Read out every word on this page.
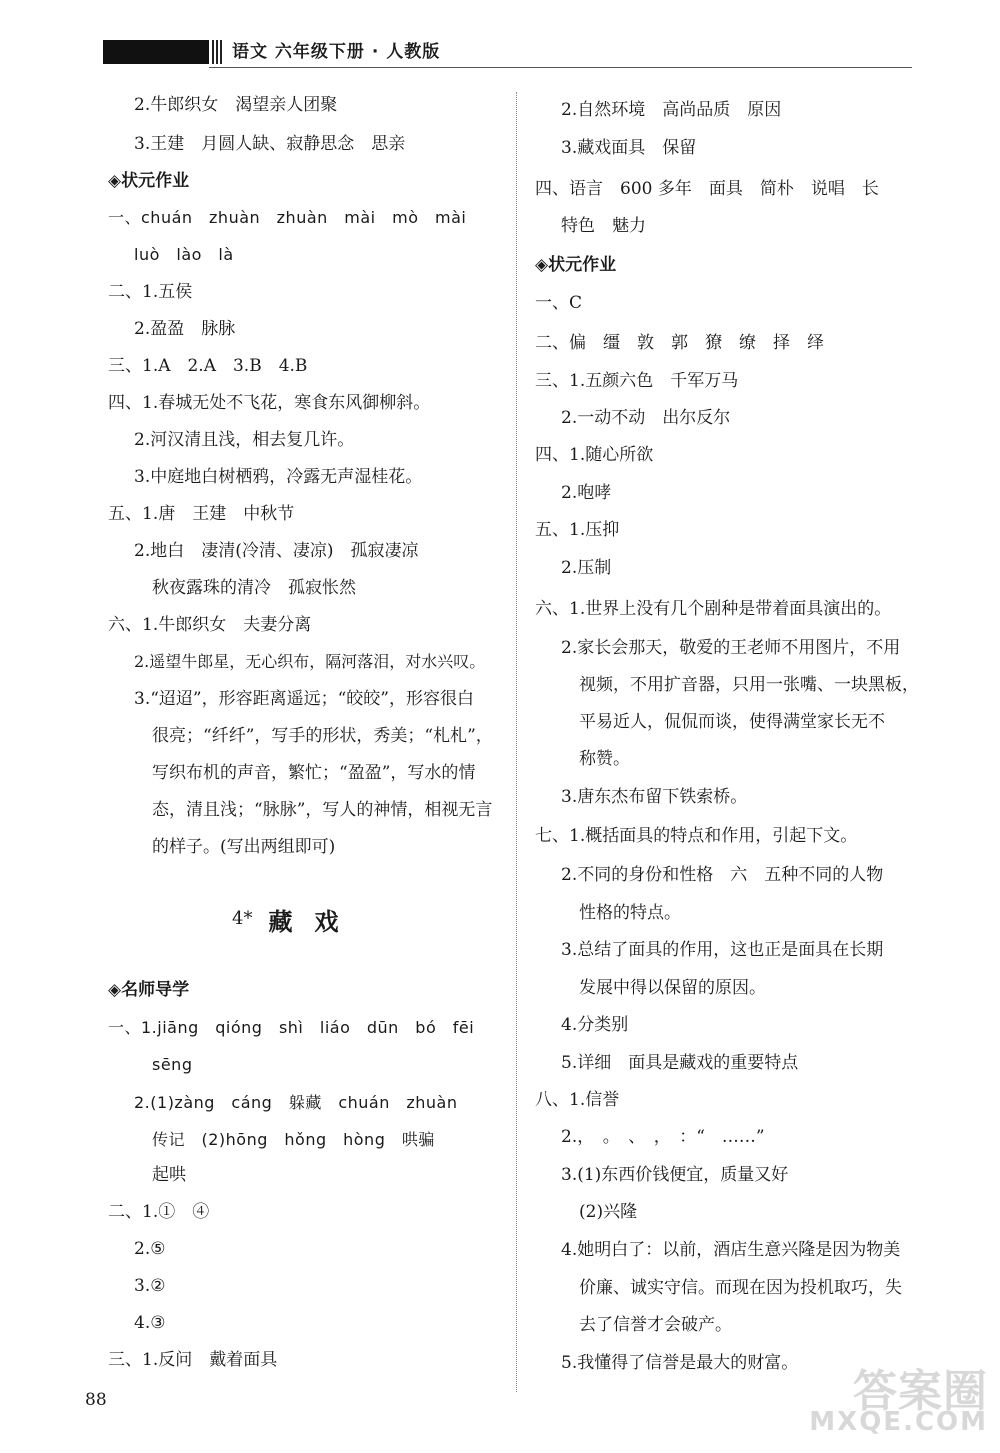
语文 六年级下册 · 人教版
2.牛郎织女　渴望亲人团聚
3.王建　月圆人缺、寂静思念　思亲
◈状元作业
一、chuán　zhuàn　zhuàn　mài　mò　mài
luò　lào　là
二、1.五侯
2.盈盈　脉脉
三、1.A　2.A　3.B　4.B
四、1.春城无处不飞花，寒食东风御柳斜。
2.河汉清且浅，相去复几许。
3.中庭地白树栖鸦，冷露无声湿桂花。
五、1.唐　王建　中秋节
2.地白　凄清(冷清、凄凉)　孤寂凄凉
秋夜露珠的清冷　孤寂怅然
六、1.牛郎织女　夫妻分离
2.遥望牛郎星，无心织布，隔河落泪，对水兴叹。
3.“迢迢”，形容距离遥远；“皎皎”，形容很白
很亮；“纤纤”，写手的形状，秀美；“札札”，
写织布机的声音，繁忙；“盈盈”，写水的情
态，清且浅；“脉脉”，写人的神情，相视无言
的样子。(写出两组即可)
◈名师导学
一、1.jiāng　qióng　shì　liáo　dūn　bó　fēi
sēng
2.(1)zàng　cáng　躲藏　chuán　zhuàn
传记　(2)hōng　hǒng　hòng　哄骗
起哄
二、1.①　④
2.⑤
3.②
4.③
三、1.反问　戴着面具
4* 藏戏
2.自然环境　高尚品质　原因
3.藏戏面具　保留
四、语言　600 多年　面具　简朴　说唱　长
特色　魅力
◈状元作业
一、C
二、偏　缰　敦　郭　獠　缭　择　绎
三、1.五颜六色　千军万马
2.一动不动　出尔反尔
四、1.随心所欲
2.咆哮
五、1.压抑
2.压制
六、1.世界上没有几个剧种是带着面具演出的。
2.家长会那天，敬爱的王老师不用图片，不用
视频，不用扩音器，只用一张嘴、一块黑板，
平易近人，侃侃而谈，使得满堂家长无不
称赞。
3.唐东杰布留下铁索桥。
七、1.概括面具的特点和作用，引起下文。
2.不同的身份和性格　六　五种不同的人物
性格的特点。
3.总结了面具的作用，这也正是面具在长期
发展中得以保留的原因。
4.分类别
5.详细　面具是藏戏的重要特点
八、1.信誉
2.，　。　、　，　：“　……”
3.(1)东西价钱便宜，质量又好
(2)兴隆
4.她明白了：以前，酒店生意兴隆是因为物美
价廉、诚实守信。而现在因为投机取巧，失
去了信誉才会破产。
5.我懂得了信誉是最大的财富。
88	答案圈
MXQE.COM
